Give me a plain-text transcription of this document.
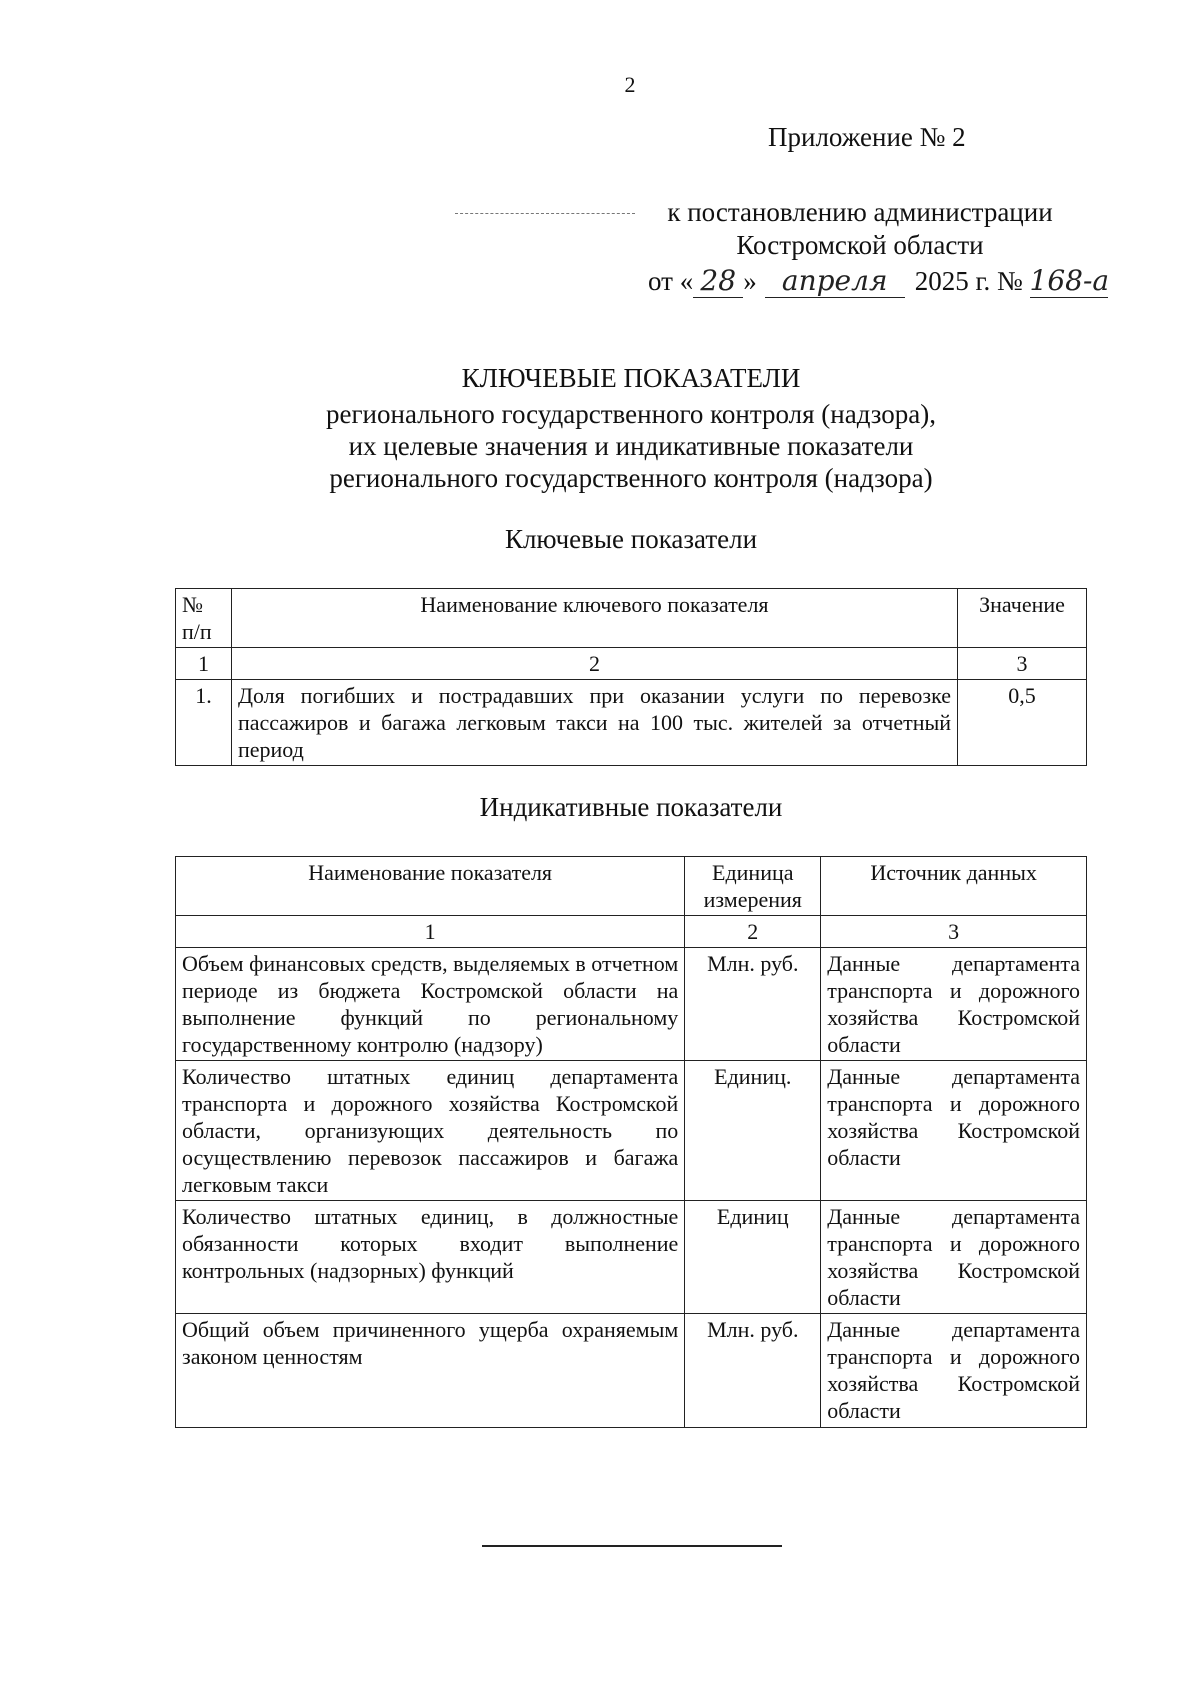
2
Приложение № 2
к постановлению администрации
Костромской области
от « 28 » апреля 2025 г. № 168-а
КЛЮЧЕВЫЕ ПОКАЗАТЕЛИ
регионального государственного контроля (надзора),
их целевые значения и индикативные показатели
регионального государственного контроля (надзора)
Ключевые показатели
№ п/п	Наименование ключевого показателя	Значение
1	2	3
1.	Доля погибших и пострадавших при оказании услуги по перевозке пассажиров и багажа легковым такси на 100 тыс. жителей за отчетный период	0,5
Индикативные показатели
Наименование показателя	Единица измерения	Источник данных
1	2	3
Объем финансовых средств, выделяемых в отчетном периоде из бюджета Костромской области на выполнение функций по региональному государственному контролю (надзору)	Млн. руб.	Данные департамента транспорта и дорожного хозяйства Костромской области
Количество штатных единиц департамента транспорта и дорожного хозяйства Костромской области, организующих деятельность по осуществлению перевозок пассажиров и багажа легковым такси	Единиц.	Данные департамента транспорта и дорожного хозяйства Костромской области
Количество штатных единиц, в должностные обязанности которых входит выполнение контрольных (надзорных) функций	Единиц	Данные департамента транспорта и дорожного хозяйства Костромской области
Общий объем причиненного ущерба охраняемым законом ценностям	Млн. руб.	Данные департамента транспорта и дорожного хозяйства Костромской области
